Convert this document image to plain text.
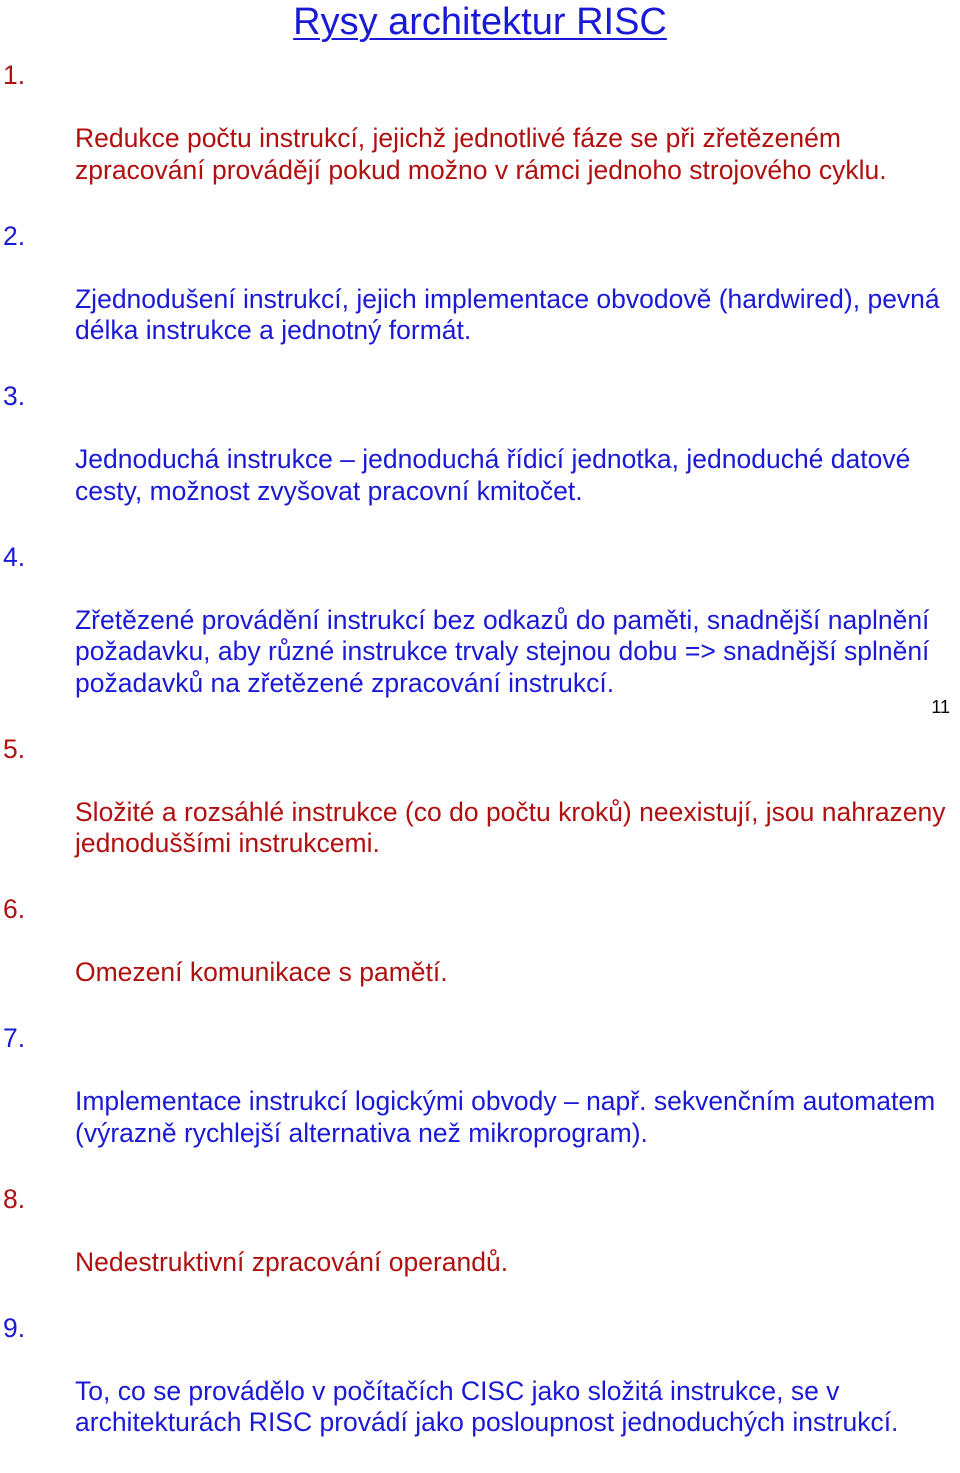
Rysy architektur RISC

1.

Redukce počtu instrukcí, jejichž jednotlivé fáze se při zřetězeném zpracování provádějí pokud možno v rámci jednoho strojového cyklu.

2.

Zjednodušení instrukcí, jejich implementace obvodově (hardwired), pevná délka instrukce a jednotný formát.

3.

Jednoduchá instrukce – jednoduchá řídicí jednotka, jednoduché datové cesty, možnost zvyšovat pracovní kmitočet.

4.

Zřetězené provádění instrukcí bez odkazů do paměti, snadnější naplnění požadavku, aby různé instrukce trvaly stejnou dobu => snadnější splnění požadavků na zřetězené zpracování instrukcí.

5.

Složité a rozsáhlé instrukce (co do počtu kroků) neexistují, jsou nahrazeny jednoduššími instrukcemi.

6.

Omezení komunikace s pamětí.

7.

Implementace instrukcí logickými obvody – např. sekvenčním automatem (výrazně rychlejší alternativa než mikroprogram).

8.

Nedestruktivní zpracování operandů.

9.

To, co se provádělo v počítačích CISC jako složitá instrukce, se v architekturách RISC provádí jako posloupnost jednoduchých instrukcí.

11
